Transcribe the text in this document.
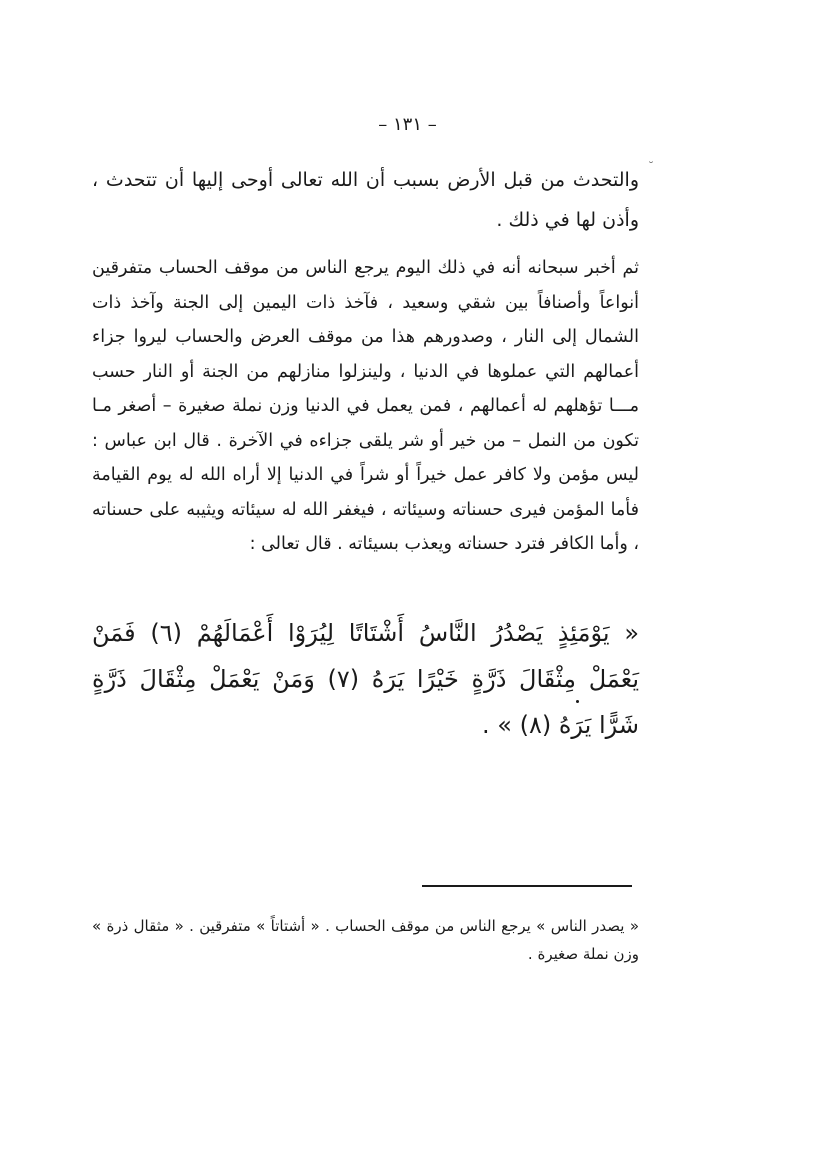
– ١٣١ –
˘
والتحدث من قبل الأرض بسبب أن الله تعالى أوحى إليها أن تتحدث ، وأذن لها في ذلك .
ثم أخبر سبحانه أنه في ذلك اليوم يرجع الناس من موقف الحساب متفرقين أنواعاً وأصنافاً بين شقي وسعيد ، فآخذ ذات اليمين إلى الجنة وآخذ ذات الشمال إلى النار ، وصدورهم هذا من موقف العرض والحساب ليروا جزاء أعمالهم التي عملوها في الدنيا ، ولينزلوا منازلهم من الجنة أو النار حسب مـــا تؤهلهم له أعمالهم ، فمن يعمل في الدنيا وزن نملة صغيرة – أصغر مـا تكون من النمل – من خير أو شر يلقى جزاءه في الآخرة . قال ابن عباس : ليس مؤمن ولا كافر عمل خيراً أو شراً في الدنيا إلا أراه الله له يوم القيامة فأما المؤمن فيرى حسناته وسيئاته ، فيغفر الله له سيئاته ويثيبه على حسناته ، وأما الكافر فترد حسناته ويعذب بسيئاته . قال تعالى :
« يَوْمَئِذٍ يَصْدُرُ النَّاسُ أَشْتَاتًا لِيُرَوْا أَعْمَالَهُمْ (٦) فَمَنْ يَعْمَلْ مِثْقَالَ ذَرَّةٍ خَيْرًا يَرَهُ (٧) وَمَنْ يَعْمَلْ مِثْقَالَ ذَرَّةٍ شَرًّا يَرَهُ (٨) » .
« يصدر الناس » يرجع الناس من موقف الحساب . « أشتاتاً » متفرقين . « مثقال ذرة » وزن نملة صغيرة .
